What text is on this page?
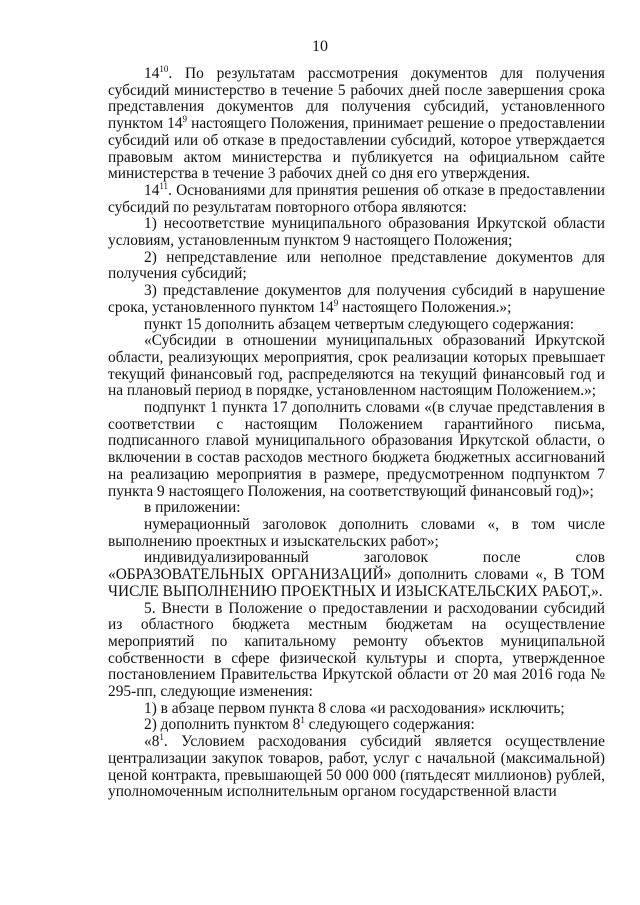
10

$14^{10}$. По результатам рассмотрения документов для получения субсидий министерство в течение 5 рабочих дней после завершения срока представления документов для получения субсидий, установленного пунктом $14^9$ настоящего Положения, принимает решение о предоставлении субсидий или об отказе в предоставлении субсидий, которое утверждается правовым актом министерства и публикуется на официальном сайте министерства в течение 3 рабочих дней со дня его утверждения.

$14^{11}$. Основаниями для принятия решения об отказе в предоставлении субсидий по результатам повторного отбора являются:

1) несоответствие муниципального образования Иркутской области условиям, установленным пунктом 9 настоящего Положения;

2) непредставление или неполное представление документов для получения субсидий;

3) представление документов для получения субсидий в нарушение срока, установленного пунктом $14^9$ настоящего Положения.»;

пункт 15 дополнить абзацем четвертым следующего содержания:

«Субсидии в отношении муниципальных образований Иркутской области, реализующих мероприятия, срок реализации которых превышает текущий финансовый год, распределяются на текущий финансовый год и на плановый период в порядке, установленном настоящим Положением.»;

подпункт 1 пункта 17 дополнить словами «(в случае представления в соответствии с настоящим Положением гарантийного письма, подписанного главой муниципального образования Иркутской области, о включении в состав расходов местного бюджета бюджетных ассигнований на реализацию мероприятия в размере, предусмотренном подпунктом 7 пункта 9 настоящего Положения, на соответствующий финансовый год)»;

в приложении:

нумерационный заголовок дополнить словами «, в том числе выполнению проектных и изыскательских работ»;

индивидуализированный заголовок после слов «ОБРАЗОВАТЕЛЬНЫХ ОРГАНИЗАЦИЙ» дополнить словами «, В ТОМ ЧИСЛЕ ВЫПОЛНЕНИЮ ПРОЕКТНЫХ И ИЗЫСКАТЕЛЬСКИХ РАБОТ,».

5. Внести в Положение о предоставлении и расходовании субсидий из областного бюджета местным бюджетам на осуществление мероприятий по капитальному ремонту объектов муниципальной собственности в сфере физической культуры и спорта, утвержденное постановлением Правительства Иркутской области от 20 мая 2016 года № 295-пп, следующие изменения:

1) в абзаце первом пункта 8 слова «и расходования» исключить;

2) дополнить пунктом $8^1$ следующего содержания:

«$8^1$. Условием расходования субсидий является осуществление централизации закупок товаров, работ, услуг с начальной (максимальной) ценой контракта, превышающей 50 000 000 (пятьдесят миллионов) рублей, уполномоченным исполнительным органом государственной власти
